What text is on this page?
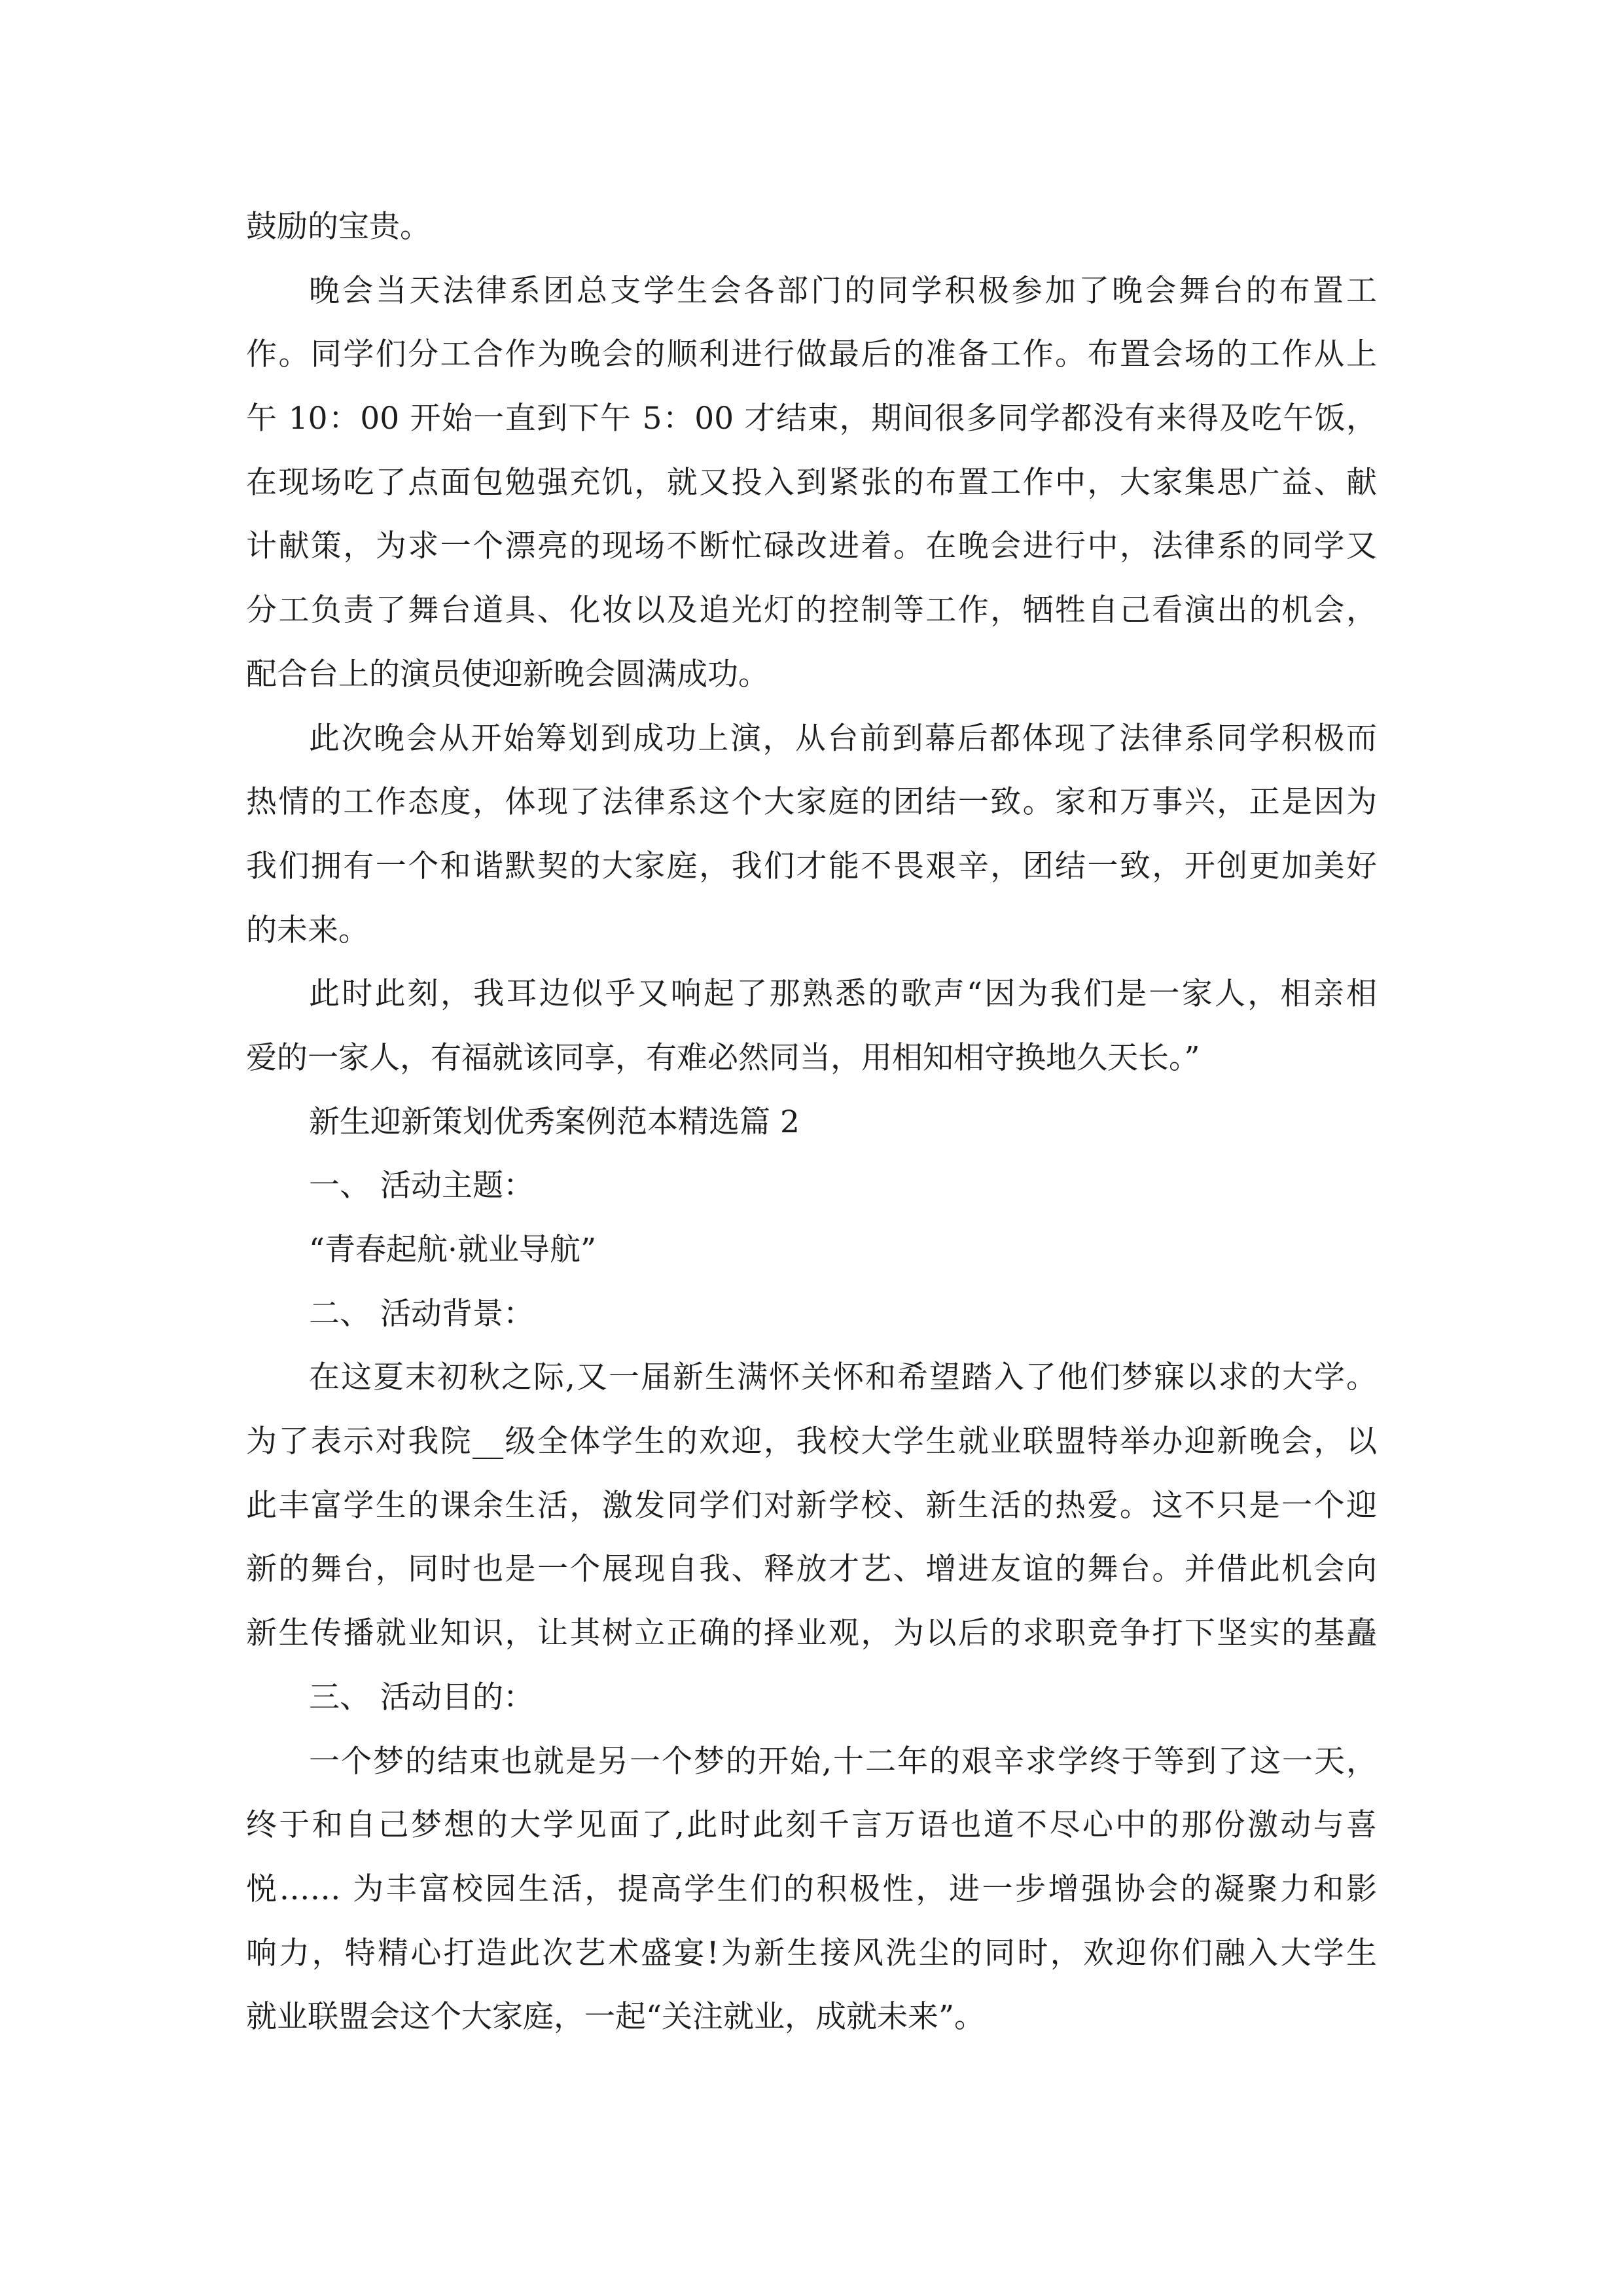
鼓励的宝贵。
晚会当天法律系团总支学生会各部门的同学积极参加了晚会舞台的布置工
作。同学们分工合作为晚会的顺利进行做最后的准备工作。布置会场的工作从上
午 10：00 开始一直到下午 5：00 才结束，期间很多同学都没有来得及吃午饭，
在现场吃了点面包勉强充饥，就又投入到紧张的布置工作中，大家集思广益、献
计献策，为求一个漂亮的现场不断忙碌改进着。在晚会进行中，法律系的同学又
分工负责了舞台道具、化妆以及追光灯的控制等工作，牺牲自己看演出的机会，
配合台上的演员使迎新晚会圆满成功。
此次晚会从开始筹划到成功上演，从台前到幕后都体现了法律系同学积极而
热情的工作态度，体现了法律系这个大家庭的团结一致。家和万事兴，正是因为
我们拥有一个和谐默契的大家庭，我们才能不畏艰辛，团结一致，开创更加美好
的未来。
此时此刻，我耳边似乎又响起了那熟悉的歌声“因为我们是一家人，相亲相
爱的一家人，有福就该同享，有难必然同当，用相知相守换地久天长。”
新生迎新策划优秀案例范本精选篇 2
一、 活动主题：
“青春起航·就业导航”
二、 活动背景：
在这夏末初秋之际,又一届新生满怀关怀和希望踏入了他们梦寐以求的大学。
为了表示对我院__级全体学生的欢迎，我校大学生就业联盟特举办迎新晚会，以
此丰富学生的课余生活，激发同学们对新学校、新生活的热爱。这不只是一个迎
新的舞台，同时也是一个展现自我、释放才艺、增进友谊的舞台。并借此机会向
新生传播就业知识，让其树立正确的择业观，为以后的求职竞争打下坚实的基矗
三、 活动目的：
一个梦的结束也就是另一个梦的开始,十二年的艰辛求学终于等到了这一天，
终于和自己梦想的大学见面了,此时此刻千言万语也道不尽心中的那份激动与喜
悦…… 为丰富校园生活，提高学生们的积极性，进一步增强协会的凝聚力和影
响力，特精心打造此次艺术盛宴!为新生接风洗尘的同时，欢迎你们融入大学生
就业联盟会这个大家庭，一起“关注就业，成就未来”。
